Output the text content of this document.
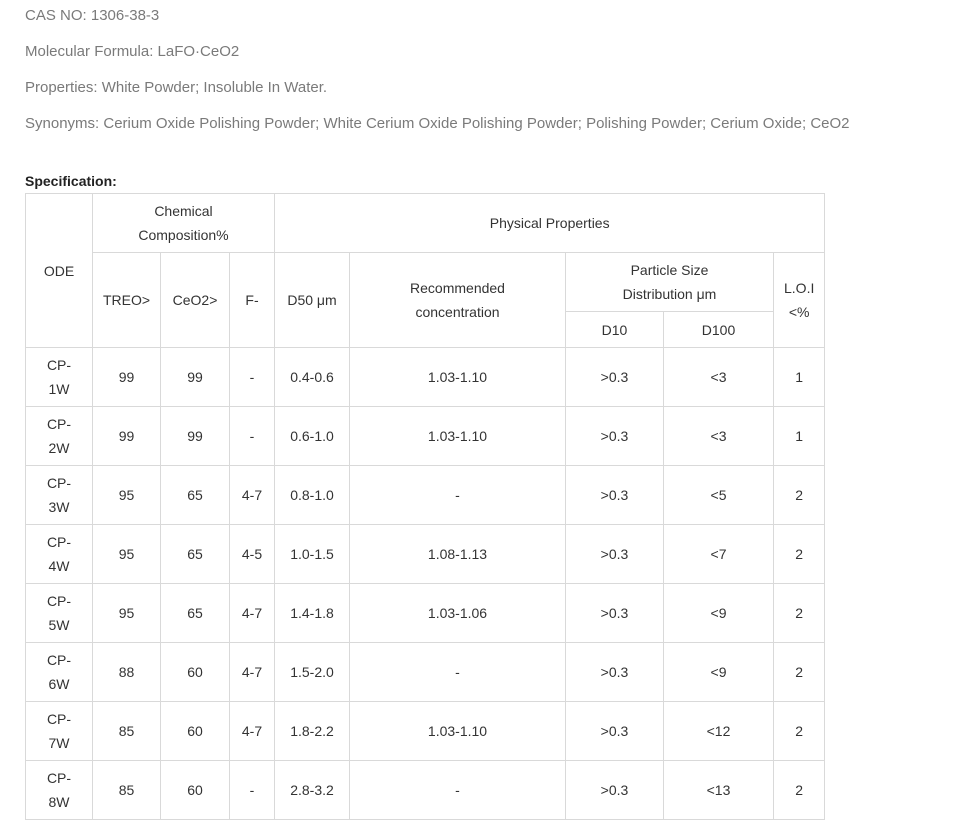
CAS NO: 1306-38-3
Molecular Formula: LaFO·CeO2
Properties: White Powder; Insoluble In Water.
Synonyms: Cerium Oxide Polishing Powder; White Cerium Oxide Polishing Powder; Polishing Powder; Cerium Oxide; CeO2
Specification:
ODE	Chemical Composition%			Physical Properties				
	TREO>	CeO2>	F-	D50 μm	Recommended concentration	Particle Size Distribution μm		L.O.I <%
						D10	D100	
CP-1W	99	99	-	0.4-0.6	1.03-1.10	>0.3	<3	1
CP-2W	99	99	-	0.6-1.0	1.03-1.10	>0.3	<3	1
CP-3W	95	65	4-7	0.8-1.0	-	>0.3	<5	2
CP-4W	95	65	4-5	1.0-1.5	1.08-1.13	>0.3	<7	2
CP-5W	95	65	4-7	1.4-1.8	1.03-1.06	>0.3	<9	2
CP-6W	88	60	4-7	1.5-2.0	-	>0.3	<9	2
CP-7W	85	60	4-7	1.8-2.2	1.03-1.10	>0.3	<12	2
CP-8W	85	60	-	2.8-3.2	-	>0.3	<13	2
